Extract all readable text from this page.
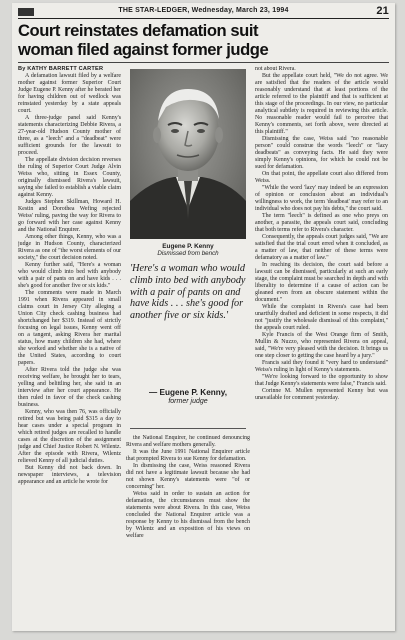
THE STAR-LEDGER, Wednesday, March 23, 1994	21
Court reinstates defamation suit
woman filed against former judge

By KATHY BARRETT CARTER

A defamation lawsuit filed by a welfare mother against former Superior Court Judge Eugene P. Kenny after he berated her for having children out of wedlock was reinstated yesterday by a state appeals court.

A three-judge panel said Kenny's statements characterizing Debbie Rivera, a 27-year-old Hudson County mother of three, as a "leech" and a "deadbeat" were sufficient grounds for the lawsuit to proceed.

The appellate division decision reverses the ruling of Superior Court Judge Alvin Weiss who, sitting in Essex County, originally dismissed Rivera's lawsuit, saying she failed to establish a viable claim against Kenny.

Judges Stephen Skillman, Howard H. Kestin and Dorothea Wefing rejected Weiss' ruling, paving the way for Rivera to go forward with her case against Kenny and the National Enquirer.

Among other things, Kenny, who was a judge in Hudson County, characterized Rivera as one of "the worst elements of our society," the court decision noted.

Kenny further said, "Here's a woman who would climb into bed with anybody with a pair of pants on and have kids . . . she's good for another five or six kids."

The comments were made in March 1991 when Rivera appeared in small claims court in Jersey City alleging a Union City check cashing business had shortchanged her $319. Instead of strictly focusing on legal issues, Kenny went off on a tangent, asking Rivera her marital status, how many children she had, where she worked and whether she is a native of the United States, according to court papers.

After Rivera told the judge she was receiving welfare, he brought her to tears, yelling and belittling her, she said in an interview after her court appearance. He then ruled in favor of the check cashing business.

Kenny, who was then 76, was officially retired but was being paid $315 a day to hear cases under a special program in which retired judges are recalled to handle cases at the discretion of the assignment judge and Chief Justice Robert N. Wilentz. After the episode with Rivera, Wilentz relieved Kenny of all judicial duties.

But Kenny did not back down. In newspaper interviews, a television appearance and an article he wrote for

Eugene P. Kenny
Dismissed from bench
'Here's a woman who would climb into bed with anybody with a pair of pants on and have kids . . . she's good for another five or six kids.'
— Eugene P. Kenny,
former judge

the National Enquirer, he continued denouncing Rivera and welfare mothers generally.

It was the June 1991 National Enquirer article that prompted Rivera to sue Kenny for defamation.

In dismissing the case, Weiss reasoned Rivera did not have a legitimate lawsuit because she had not shown Kenny's statements were "of or concerning" her.

Weiss said in order to sustain an action for defamation, the circumstances must show the statements were about Rivera. In this case, Weiss concluded the National Enquirer article was a response by Kenny to his dismissal from the bench by Wilentz and an exposition of his views on welfare

not about Rivera.

But the appellate court held, "We do not agree. We are satisfied that the readers of the article would reasonably understand that at least portions of the article referred to the plaintiff and that is sufficient at this stage of the proceedings. In our view, no particular analytical subtlety is required in reviewing this article. No reasonable reader would fail to perceive that Kenny's comments, set forth above, were directed at this plaintiff."

Dismissing the case, Weiss said "no reasonable person" could construe the words "leech" or "lazy deadbeats" as conveying facts. He said they were simply Kenny's opinions, for which he could not be sued for defamation.

On that point, the appellate court also differed from Weiss.

"While the word 'lazy' may indeed be an expression of opinion or conclusion about an individual's willingness to work, the term 'deadbeat' may refer to an individual who does not pay his debts," the court said.

The term "leech" is defined as one who preys on another, a parasite, the appeals court said, concluding that both terms refer to Rivera's character.

Consequently, the appeals court judges said, "We are satisfied that the trial court erred when it concluded, as a matter of law, that neither of these terms were defamatory as a matter of law."

In reaching its decision, the court said before a lawsuit can be dismissed, particularly at such an early stage, the complaint must be searched in depth and with liberality to determine if a cause of action can be gleaned even from an obscure statement within the document."

While the complaint in Rivera's case had been unartfully drafted and deficient in some respects, it did not "justify the wholesale dismissal of this complaint," the appeals court ruled.

Kyle Francis of the West Orange firm of Smith, Mullin & Nuzzo, who represented Rivera on appeal, said, "We're very pleased with the decision. It brings us one step closer to getting the case heard by a jury."

Francis said they found it "very hard to understand" Weiss's ruling in light of Kenny's statements.

"We're looking forward to the opportunity to show that Judge Kenny's statements were false," Francis said.

Corinne M. Mullen represented Kenny but was unavailable for comment yesterday.
